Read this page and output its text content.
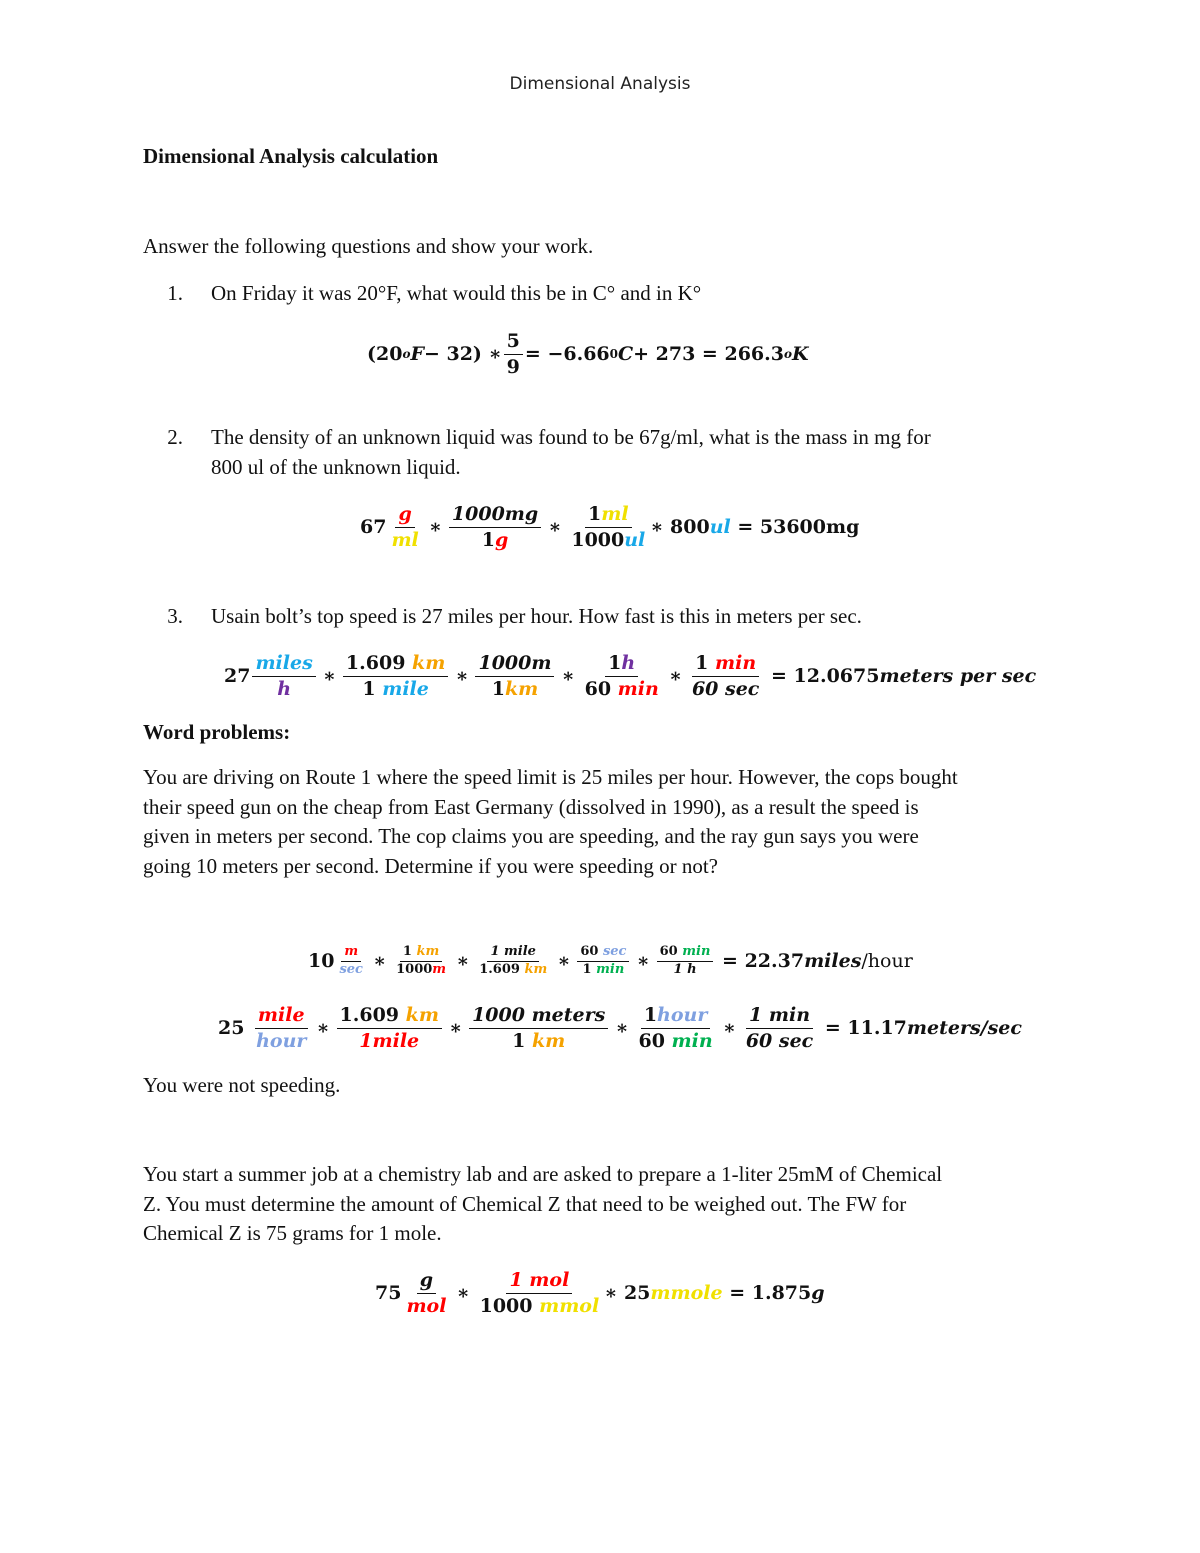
Dimensional Analysis
Dimensional Analysis calculation
Answer the following questions and show your work.
1. On Friday it was 20°F, what would this be in C° and in K°
(20 o F − 32) ∗ $\frac{5}{9} = -6.66$ 0 C + 273 = 266.3 o K
2. The density of an unknown liquid was found to be 67g/ml, what is the mass in mg for
800 ul of the unknown liquid.
$67 \frac{g}{ml}$ ∗ $\frac{1000mg}{1g}$ ∗ $\frac{1ml}{1000ul}$ ∗ 800 ul
= 53600mg
3. Usain bolt’s top speed is 27 miles per hour. How fast is this in meters per sec.
$27 \frac{\text{miles}}{h}$ ∗ $\frac{1.609 km}{\text{1 mile}}$ ∗ $\frac{1000m}{1km}$ ∗ $\frac{1h}{60 \min}$ ∗ $\frac{1 \min}{60 \sec}$
= 12.0675 meters per sec
Word problems:
You are driving on Route 1 where the speed limit is 25 miles per hour. However, the cops bought
their speed gun on the cheap from East Germany (dissolved in 1990), as a result the speed is
given in meters per second. The cop claims you are speeding, and the ray gun says you were
going 10 meters per second. Determine if you were speeding or not?
$10 \frac{m}{\sec}$ ∗ $\frac{1 km}{1000m}$ ∗ $\frac{\text{1 mile}}{1.609 km}$ ∗ $\frac{60 \sec}{1 \min}$ ∗ $\frac{60 \min}{1 h}$
= 22.37 miles /hour
25
$\frac{\text{mile}}{\text{hour}}$ ∗ $\frac{1.609 km}{\text{1mile}}$ ∗ $\frac{\text{1000 meters}}{1 km}$ ∗ $\frac{\text{1hour}}{60 \min}$ ∗ $\frac{1 \min}{60 \sec}$
= 11.17 meters/sec
You were not speeding.
You start a summer job at a chemistry lab and are asked to prepare a 1-liter 25mM of Chemical
Z. You must determine the amount of Chemical Z that need to be weighed out. The FW for
Chemical Z is 75 grams for 1 mole.
$75 \frac{g}{\text{mol}}$ ∗ $\frac{\text{1 mol}}{\text{1000 mmol}}$ ∗ 25 mmole
= 1.875 g
